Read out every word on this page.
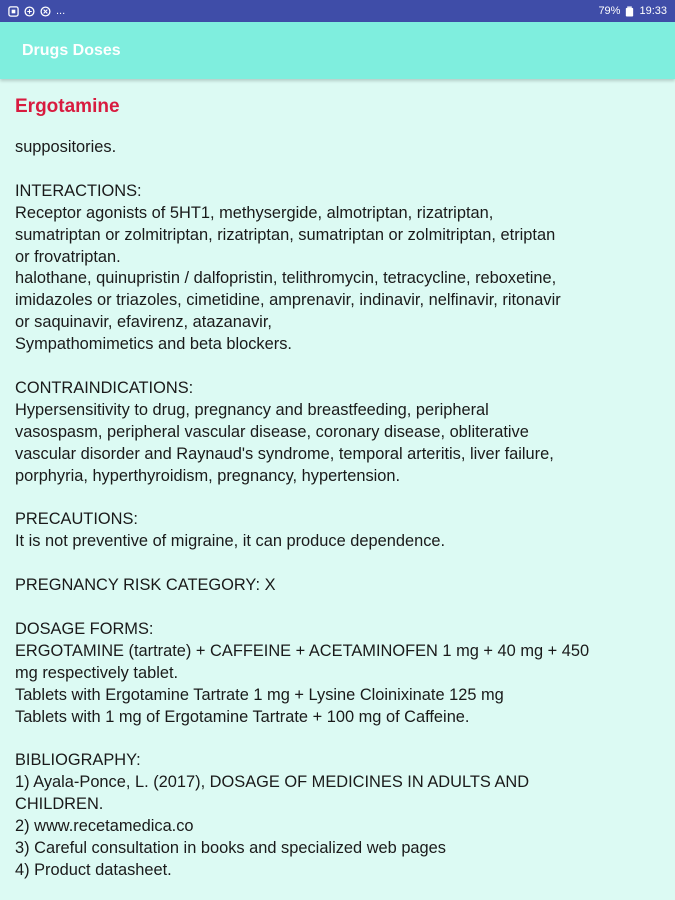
...	79% 19:33
Drugs Doses
Ergotamine

suppositories.

INTERACTIONS:
Receptor agonists of 5HT1, methysergide, almotriptan, rizatriptan,
sumatriptan or zolmitriptan, rizatriptan, sumatriptan or zolmitriptan, etriptan
or frovatriptan.
halothane, quinupristin / dalfopristin, telithromycin, tetracycline, reboxetine,
imidazoles or triazoles, cimetidine, amprenavir, indinavir, nelfinavir, ritonavir
or saquinavir, efavirenz, atazanavir,
Sympathomimetics and beta blockers.

CONTRAINDICATIONS:
Hypersensitivity to drug, pregnancy and breastfeeding, peripheral
vasospasm, peripheral vascular disease, coronary disease, obliterative
vascular disorder and Raynaud's syndrome, temporal arteritis, liver failure,
porphyria, hyperthyroidism, pregnancy, hypertension.

PRECAUTIONS:
It is not preventive of migraine, it can produce dependence.

PREGNANCY RISK CATEGORY: X

DOSAGE FORMS:
ERGOTAMINE (tartrate) + CAFFEINE + ACETAMINOFEN 1 mg + 40 mg + 450
mg respectively tablet.
Tablets with Ergotamine Tartrate 1 mg + Lysine Cloinixinate 125 mg
Tablets with 1 mg of Ergotamine Tartrate + 100 mg of Caffeine.

BIBLIOGRAPHY:
1) Ayala-Ponce, L. (2017), DOSAGE OF MEDICINES IN ADULTS AND
CHILDREN.
2) www.recetamedica.co
3) Careful consultation in books and specialized web pages
4) Product datasheet.
